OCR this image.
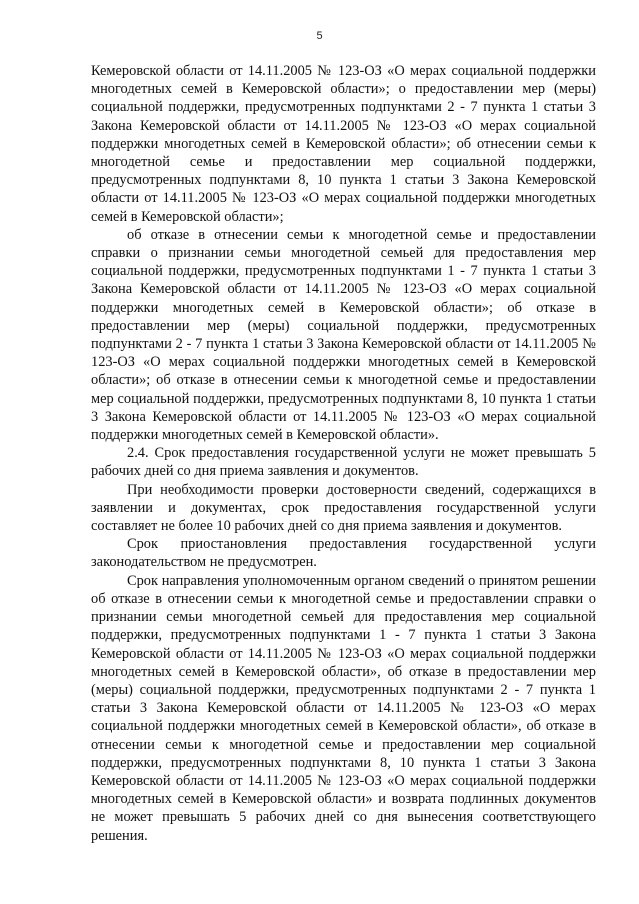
5

Кемеровской области от 14.11.2005 № 123-ОЗ «О мерах социальной поддержки многодетных семей в Кемеровской области»; о предоставлении мер (меры) социальной поддержки, предусмотренных подпунктами 2 - 7 пункта 1 статьи 3 Закона Кемеровской области от 14.11.2005 № 123-ОЗ «О мерах социальной поддержки многодетных семей в Кемеровской области»; об отнесении семьи к многодетной семье и предоставлении мер социальной поддержки, предусмотренных подпунктами 8, 10 пункта 1 статьи 3 Закона Кемеровской области от 14.11.2005 № 123-ОЗ «О мерах социальной поддержки многодетных семей в Кемеровской области»;

об отказе в отнесении семьи к многодетной семье и предоставлении справки о признании семьи многодетной семьей для предоставления мер социальной поддержки, предусмотренных подпунктами 1 - 7 пункта 1 статьи 3 Закона Кемеровской области от 14.11.2005 № 123-ОЗ «О мерах социальной поддержки многодетных семей в Кемеровской области»; об отказе в предоставлении мер (меры) социальной поддержки, предусмотренных подпунктами 2 - 7 пункта 1 статьи 3 Закона Кемеровской области от 14.11.2005 № 123-ОЗ «О мерах социальной поддержки многодетных семей в Кемеровской области»; об отказе в отнесении семьи к многодетной семье и предоставлении мер социальной поддержки, предусмотренных подпунктами 8, 10 пункта 1 статьи 3 Закона Кемеровской области от 14.11.2005 № 123-ОЗ «О мерах социальной поддержки многодетных семей в Кемеровской области».

2.4. Срок предоставления государственной услуги не может превышать 5 рабочих дней со дня приема заявления и документов.

При необходимости проверки достоверности сведений, содержащихся в заявлении и документах, срок предоставления государственной услуги составляет не более 10 рабочих дней со дня приема заявления и документов.

Срок приостановления предоставления государственной услуги законодательством не предусмотрен.

Срок направления уполномоченным органом сведений о принятом решении об отказе в отнесении семьи к многодетной семье и предоставлении справки о признании семьи многодетной семьей для предоставления мер социальной поддержки, предусмотренных подпунктами 1 - 7 пункта 1 статьи 3 Закона Кемеровской области от 14.11.2005 № 123-ОЗ «О мерах социальной поддержки многодетных семей в Кемеровской области», об отказе в предоставлении мер (меры) социальной поддержки, предусмотренных подпунктами 2 - 7 пункта 1 статьи 3 Закона Кемеровской области от 14.11.2005 № 123-ОЗ «О мерах социальной поддержки многодетных семей в Кемеровской области», об отказе в отнесении семьи к многодетной семье и предоставлении мер социальной поддержки, предусмотренных подпунктами 8, 10 пункта 1 статьи 3 Закона Кемеровской области от 14.11.2005 № 123-ОЗ «О мерах социальной поддержки многодетных семей в Кемеровской области» и возврата подлинных документов не может превышать 5 рабочих дней со дня вынесения соответствующего решения.
